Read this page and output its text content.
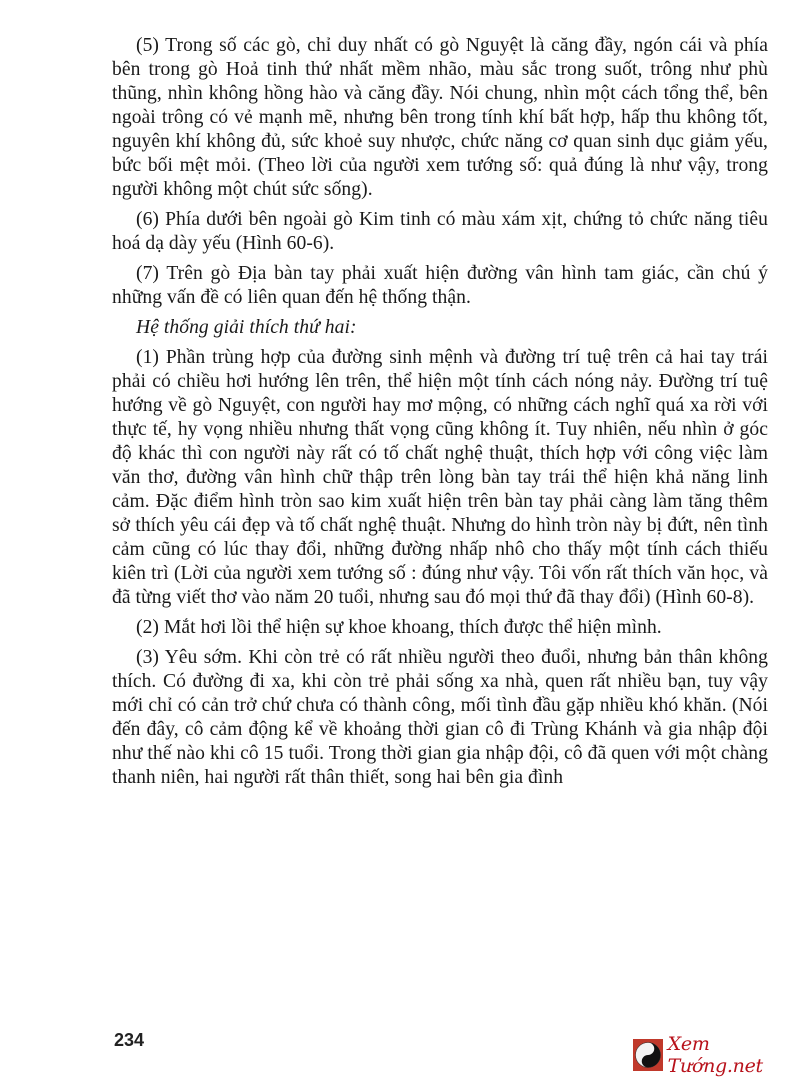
(5) Trong số các gò, chỉ duy nhất có gò Nguyệt là căng đầy, ngón cái và phía bên trong gò Hoả tinh thứ nhất mềm nhão, màu sắc trong suốt, trông như phù thũng, nhìn không hồng hào và căng đầy. Nói chung, nhìn một cách tổng thể, bên ngoài trông có vẻ mạnh mẽ, nhưng bên trong tính khí bất hợp, hấp thu không tốt, nguyên khí không đủ, sức khoẻ suy nhược, chức năng cơ quan sinh dục giảm yếu, bức bối mệt mỏi. (Theo lời của người xem tướng số: quả đúng là như vậy, trong người không một chút sức sống).

(6) Phía dưới bên ngoài gò Kim tinh có màu xám xịt, chứng tỏ chức năng tiêu hoá dạ dày yếu (Hình 60-6).

(7) Trên gò Địa bàn tay phải xuất hiện đường vân hình tam giác, cần chú ý những vấn đề có liên quan đến hệ thống thận.

Hệ thống giải thích thứ hai:

(1) Phần trùng hợp của đường sinh mệnh và đường trí tuệ trên cả hai tay trái phải có chiều hơi hướng lên trên, thể hiện một tính cách nóng nảy. Đường trí tuệ hướng về gò Nguyệt, con người hay mơ mộng, có những cách nghĩ quá xa rời với thực tế, hy vọng nhiều nhưng thất vọng cũng không ít. Tuy nhiên, nếu nhìn ở góc độ khác thì con người này rất có tố chất nghệ thuật, thích hợp với công việc làm văn thơ, đường vân hình chữ thập trên lòng bàn tay trái thể hiện khả năng linh cảm. Đặc điểm hình tròn sao kim xuất hiện trên bàn tay phải càng làm tăng thêm sở thích yêu cái đẹp và tố chất nghệ thuật. Nhưng do hình tròn này bị đứt, nên tình cảm cũng có lúc thay đổi, những đường nhấp nhô cho thấy một tính cách thiếu kiên trì (Lời của người xem tướng số : đúng như vậy. Tôi vốn rất thích văn học, và đã từng viết thơ vào năm 20 tuổi, nhưng sau đó mọi thứ đã thay đổi) (Hình 60-8).

(2) Mắt hơi lồi thể hiện sự khoe khoang, thích được thể hiện mình.

(3) Yêu sớm. Khi còn trẻ có rất nhiều người theo đuổi, nhưng bản thân không thích. Có đường đi xa, khi còn trẻ phải sống xa nhà, quen rất nhiều bạn, tuy vậy mới chỉ có cản trở chứ chưa có thành công, mối tình đầu gặp nhiều khó khăn. (Nói đến đây, cô cảm động kể về khoảng thời gian cô đi Trùng Khánh và gia nhập đội như thế nào khi cô 15 tuổi. Trong thời gian gia nhập đội, cô đã quen với một chàng thanh niên, hai người rất thân thiết, song hai bên gia đình

234	Xem Tướng.net
